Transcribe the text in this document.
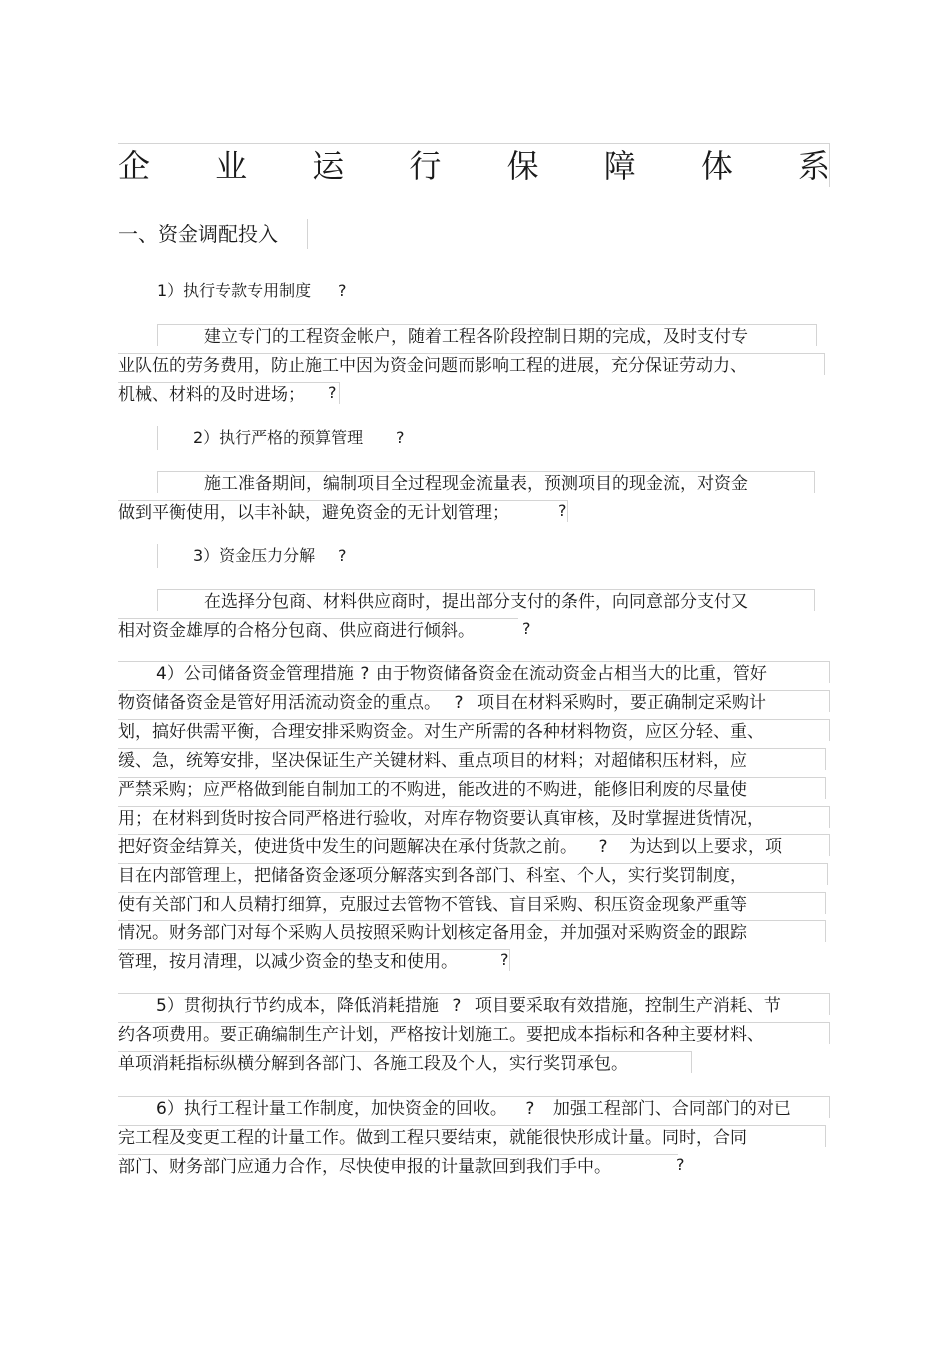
企 业 运 行 保 障 体 系
一、资金调配投入
1）执行专款专用制度 ?
建立专门的工程资金帐户，随着工程各阶段控制日期的完成，及时支付专
业队伍的劳务费用，防止施工中因为资金问题而影响工程的进展，充分保证劳动力、
机械、材料的及时进场；	?
2）执行严格的预算管理 ?
施工准备期间，编制项目全过程现金流量表，预测项目的现金流，对资金
做到平衡使用，以丰补缺，避免资金的无计划管理；	?
3）资金压力分解 ?
在选择分包商、材料供应商时，提出部分支付的条件，向同意部分支付又
相对资金雄厚的合格分包商、供应商进行倾斜。	?
4）公司储备资金管理措施 ? 由于物资储备资金在流动资金占相当大的比重，管好
物资储备资金是管好用活流动资金的重点。 ? 项目在材料采购时，要正确制定采购计
划，搞好供需平衡，合理安排采购资金。对生产所需的各种材料物资，应区分轻、重、
缓、急，统筹安排，坚决保证生产关键材料、重点项目的材料；对超储积压材料，应
严禁采购；应严格做到能自制加工的不购进，能改进的不购进，能修旧利废的尽量使
用；在材料到货时按合同严格进行验收，对库存物资要认真审核，及时掌握进货情况，
把好资金结算关，使进货中发生的问题解决在承付货款之前。 ? 为达到以上要求，项
目在内部管理上，把储备资金逐项分解落实到各部门、科室、个人，实行奖罚制度，
使有关部门和人员精打细算，克服过去管物不管钱、盲目采购、积压资金现象严重等
情况。财务部门对每个采购人员按照采购计划核定备用金，并加强对采购资金的跟踪
管理，按月清理，以减少资金的垫支和使用。	?
5）贯彻执行节约成本，降低消耗措施 ? 项目要采取有效措施，控制生产消耗、节
约各项费用。要正确编制生产计划，严格按计划施工。要把成本指标和各种主要材料、
单项消耗指标纵横分解到各部门、各施工段及个人，实行奖罚承包。
6）执行工程计量工作制度，加快资金的回收。 ? 加强工程部门、合同部门的对已
完工程及变更工程的计量工作。做到工程只要结束，就能很快形成计量。同时，合同
部门、财务部门应通力合作，尽快使申报的计量款回到我们手中。	?
